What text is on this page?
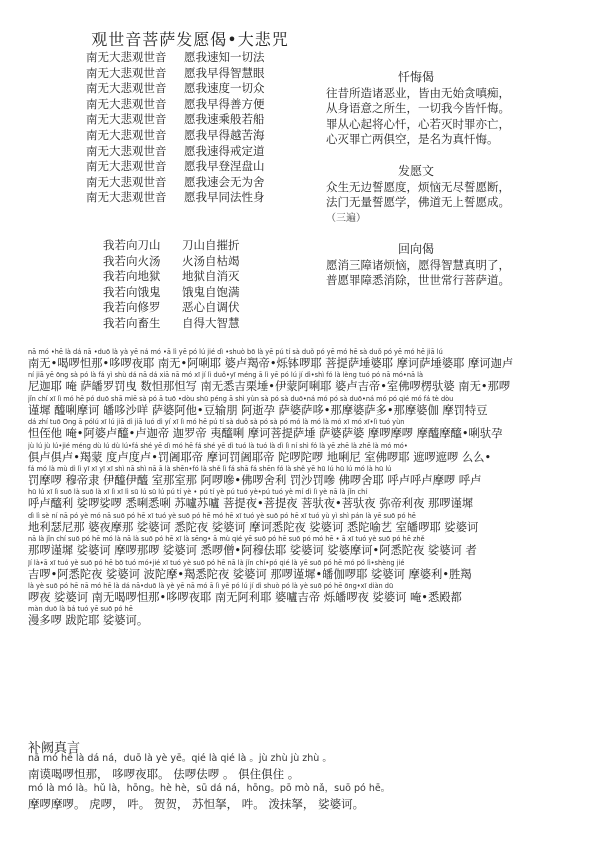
观世音菩萨发愿偈•大悲咒
南无大悲观世音 愿我速知一切法
南无大悲观世音 愿我早得智慧眼
南无大悲观世音 愿我速度一切众
南无大悲观世音 愿我早得善方便
南无大悲观世音 愿我速乘般若船
南无大悲观世音 愿我早得越苦海
南无大悲观世音 愿我速得戒定道
南无大悲观世音 愿我早登涅盘山
南无大悲观世音 愿我速会无为舍
南无大悲观世音 愿我早同法性身
我若向刀山 刀山自摧折
我若向火汤 火汤自枯竭
我若向地狱 地狱自消灭
我若向饿鬼 饿鬼自饱满
我若向修罗 恶心自调伏
我若向畜生 自得大智慧
忏悔偈
往昔所造诸恶业，皆由无始贪嗔痴，
从身语意之所生，一切我今皆忏悔。
罪从心起将心忏，心若灭时罪亦亡，
心灭罪亡两俱空，是名为真忏悔。
发愿文
众生无边誓愿度，烦恼无尽誓愿断，
法门无量誓愿学，佛道无上誓愿成。
（三遍）
回向偈
愿消三障诸烦恼，愿得智慧真明了，
普愿罪障悉消除，世世常行菩萨道。
nā mó •hē là dá nā •duō là yà yē ná mó •ā lì yē pó lú jié dì •shuò bō là yē pú tí sà duǒ pó yē mó hē sà duǒ pó yē mó hē jiā lú
南无•喝啰怛那•哆啰夜耶 南无•阿唎耶 婆卢羯帝•烁钵啰耶 菩提萨埵婆耶 摩诃萨埵婆耶 摩诃迦卢
ní jiā yē ōng sà pó là fá yì shù dá nā dá xiā nā mó xī jí lì duǒ•yī méng ā lì yē pó lú jí dì•shì fó là lèng tuó pó nā mó•nā là
尼迦耶 唵 萨皤罗罚曳 数怛那怛写 南无悉吉栗埵•伊蒙阿唎耶 婆卢吉帝•室佛啰楞驮婆 南无•那啰
jǐn chí xī lì mó hē pó duō shā miē sà pó ā tuō •dòu shū péng ā shì yùn sà pó sà duō•ná mó pó sà duō•ná mó pó qié mó fá tè dòu
谨墀 醯唎摩诃 皤哆沙咩 萨婆阿他•豆输朋 阿逝孕 萨婆萨哆•那摩婆萨多•那摩婆伽 摩罚特豆
dá zhí tuō Ong ā pólú xī lú jiā dì jiā luó dì yí xī lì mó hē pú tí sà duǒ sà pó sà pó mó là mó là mó xī mó xī•lì tuó yùn
怛侄他 唵•阿婆卢醯•卢迦帝 迦罗帝 夷醯唎 摩诃菩提萨埵 萨婆萨婆 摩啰摩啰 摩醯摩醯•唎驮孕
jù lú jù lú•jié méng dù lú dù lú•fá shé yē dì mó hē fá shé yē dì tuó là tuó là dì lì ní shì fó là yē zhē là zhē là mó mó•
俱卢俱卢•羯蒙 度卢度卢•罚阇耶帝 摩诃罚阇耶帝 陀啰陀啰 地唎尼 室佛啰耶 遮啰遮啰 么么•
fá mó là mù dì lì yī xī yī xī shì nā shì nā ā là shēn•fó là shě lì fá shā fá shēn fó là shě yē hū lú hū lú mó là hū lú
罚摩啰 穆帝隶 伊醯伊醯 室那室那 阿啰嘇•佛啰舍利 罚沙罚嘇 佛啰舍耶 呼卢呼卢摩啰 呼卢
hū lú xī lì suō là suō là xī lì xī lì sū lú sū lú pú tí yè • pú tí yè pú tuó yè•pú tuó yè mí dì lì yè nā là jǐn chí
呼卢醯利 娑啰娑啰 悉唎悉唎 苏嚧苏嚧 菩提夜•菩提夜 菩驮夜•菩驮夜 弥帝利夜 那啰谨墀
dì lì sè ní nā pó yè mó nā suō pó hē xī tuó yè suō pó hē mó hē xī tuó yè suō pó hē xī tuó yù yì shì pán là yē suō pó hē
地利瑟尼那 婆夜摩那 娑婆诃 悉陀夜 娑婆诃 摩诃悉陀夜 娑婆诃 悉陀喻艺 室皤啰耶 娑婆诃
nā là jǐn chí suō pó hē mó là nā là suō pó hē xī là sēng• ā mù qié yē suō pó hē suō pó mó hē • ā xī tuó yè suō pó hē zhě
那啰谨墀 娑婆诃 摩啰那啰 娑婆诃 悉啰僧•阿穆佉耶 娑婆诃 娑婆摩诃•阿悉陀夜 娑婆诃 者
Jí là•ā xī tuó yè suō pó hē bō tuó mó•jié xī tuó yè suō pó hē nā là jǐn chí•pó qié là yē suō pó hē mó pó lì•shèng jié
吉啰•阿悉陀夜 娑婆诃 波陀摩•羯悉陀夜 娑婆诃 那啰谨墀•皤伽啰耶 娑婆诃 摩婆利•胜羯
là yè suō pó hē nā mó hē là dá nā•duō là yè yē nā mó ā lì yē pó lú jí dì shuò pó là yè suō pó hē ōng•xī diàn dū
啰夜 娑婆诃 南无喝啰怛那•哆啰夜耶 南无阿利耶 婆嚧吉帝 烁皤啰夜 娑婆诃 唵•悉殿都
màn duō là bá tuó yē suō pó hē
漫多啰 跋陀耶 娑婆诃。
补阙真言
nā mó hē là dá ná，duō là yè yē。qié là qié là 。jù zhù jù zhù 。
南谟喝啰怛那， 哆啰夜耶。 佉啰佉啰 。 俱住俱住 。
mó là mó là。hǔ là，hōng。hè hè，sū dá ná，hōng。pō mò nǎ，suō pó hē。
摩啰摩啰。 虎啰， 吽。 贺贺， 苏怛拏， 吽。 泼抹拏， 娑婆诃。
